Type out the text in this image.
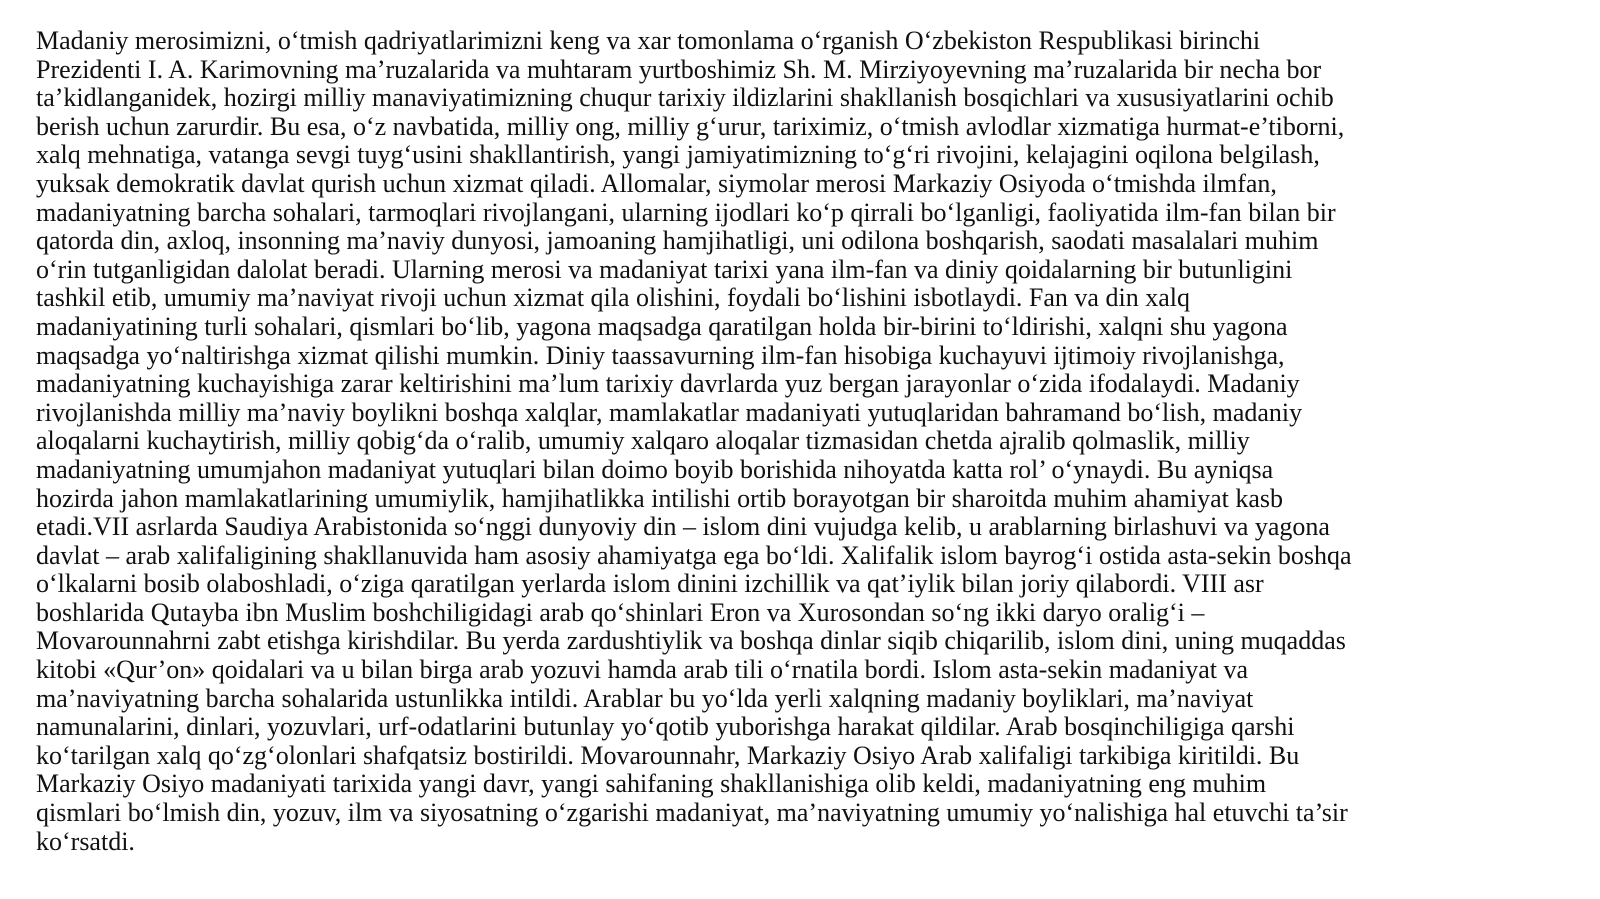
Madaniy merosimizni, o‘tmish qadriyatlarimizni keng va xar tomonlama o‘rganish O‘zbekiston Respublikasi birinchi
Prezidenti I. A. Karimovning ma’ruzalarida va muhtaram yurtboshimiz Sh. M. Mirziyoyevning ma’ruzalarida bir necha bor
ta’kidlanganidek, hozirgi milliy manaviyatimizning chuqur tarixiy ildizlarini shakllanish bosqichlari va xususiyatlarini ochib
berish uchun zarurdir. Bu esa, o‘z navbatida, milliy ong, milliy g‘urur, tariximiz, o‘tmish avlodlar xizmatiga hurmat-e’tiborni,
xalq mehnatiga, vatanga sevgi tuyg‘usini shakllantirish, yangi jamiyatimizning to‘g‘ri rivojini, kelajagini oqilona belgilash,
yuksak demokratik davlat qurish uchun xizmat qiladi. Allomalar, siymolar merosi Markaziy Osiyoda o‘tmishda ilmfan,
madaniyatning barcha sohalari, tarmoqlari rivojlangani, ularning ijodlari ko‘p qirrali bo‘lganligi, faoliyatida ilm-fan bilan bir
qatorda din, axloq, insonning ma’naviy dunyosi, jamoaning hamjihatligi, uni odilona boshqarish, saodati masalalari muhim
o‘rin tutganligidan dalolat beradi. Ularning merosi va madaniyat tarixi yana ilm-fan va diniy qoidalarning bir butunligini
tashkil etib, umumiy ma’naviyat rivoji uchun xizmat qila olishini, foydali bo‘lishini isbotlaydi. Fan va din xalq
madaniyatining turli sohalari, qismlari bo‘lib, yagona maqsadga qaratilgan holda bir-birini to‘ldirishi, xalqni shu yagona
maqsadga yo‘naltirishga xizmat qilishi mumkin. Diniy taassavurning ilm-fan hisobiga kuchayuvi ijtimoiy rivojlanishga,
madaniyatning kuchayishiga zarar keltirishini ma’lum tarixiy davrlarda yuz bergan jarayonlar o‘zida ifodalaydi. Madaniy
rivojlanishda milliy ma’naviy boylikni boshqa xalqlar, mamlakatlar madaniyati yutuqlaridan bahramand bo‘lish, madaniy
aloqalarni kuchaytirish, milliy qobig‘da o‘ralib, umumiy xalqaro aloqalar tizmasidan chetda ajralib qolmaslik, milliy
madaniyatning umumjahon madaniyat yutuqlari bilan doimo boyib borishida nihoyatda katta rol’ o‘ynaydi. Bu ayniqsa
hozirda jahon mamlakatlarining umumiylik, hamjihatlikka intilishi ortib borayotgan bir sharoitda muhim ahamiyat kasb
etadi.VII asrlarda Saudiya Arabistonida so‘nggi dunyoviy din – islom dini vujudga kelib, u arablarning birlashuvi va yagona
davlat – arab xalifaligining shakllanuvida ham asosiy ahamiyatga ega bo‘ldi. Xalifalik islom bayrog‘i ostida asta-sekin boshqa
o‘lkalarni bosib olaboshladi, o‘ziga qaratilgan yerlarda islom dinini izchillik va qat’iylik bilan joriy qilabordi. VIII asr
boshlarida Qutayba ibn Muslim boshchiligidagi arab qo‘shinlari Eron va Xurosondan so‘ng ikki daryo oralig‘i –
Movarounnahrni zabt etishga kirishdilar. Bu yerda zardushtiylik va boshqa dinlar siqib chiqarilib, islom dini, uning muqaddas
kitobi «Qur’on» qoidalari va u bilan birga arab yozuvi hamda arab tili o‘rnatila bordi. Islom asta-sekin madaniyat va
ma’naviyatning barcha sohalarida ustunlikka intildi. Arablar bu yo‘lda yerli xalqning madaniy boyliklari, ma’naviyat
namunalarini, dinlari, yozuvlari, urf-odatlarini butunlay yo‘qotib yuborishga harakat qildilar. Arab bosqinchiligiga qarshi
ko‘tarilgan xalq qo‘zg‘olonlari shafqatsiz bostirildi. Movarounnahr, Markaziy Osiyo Arab xalifaligi tarkibiga kiritildi. Bu
Markaziy Osiyo madaniyati tarixida yangi davr, yangi sahifaning shakllanishiga olib keldi, madaniyatning eng muhim
qismlari bo‘lmish din, yozuv, ilm va siyosatning o‘zgarishi madaniyat, ma’naviyatning umumiy yo‘nalishiga hal etuvchi ta’sir
ko‘rsatdi.
